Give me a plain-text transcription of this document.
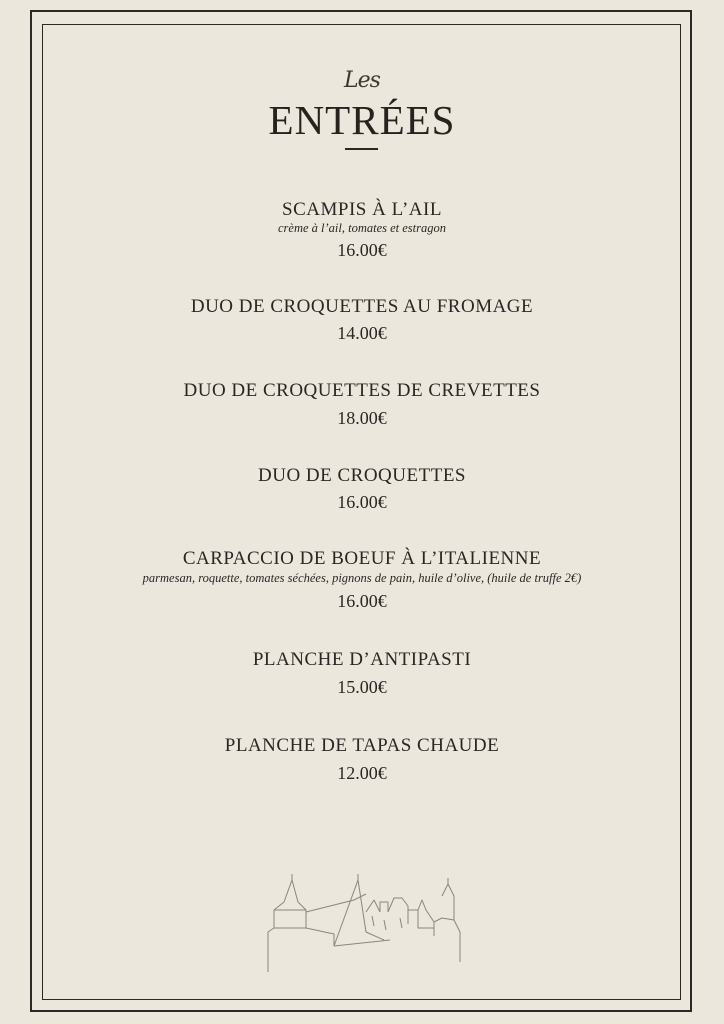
Les
ENTRÉES
SCAMPIS À L’AIL
crème à l’ail, tomates et estragon
16.00€
DUO DE CROQUETTES AU FROMAGE
14.00€
DUO DE CROQUETTES DE CREVETTES
18.00€
DUO DE CROQUETTES
16.00€
CARPACCIO DE BOEUF À L’ITALIENNE
parmesan, roquette, tomates séchées, pignons de pain, huile d’olive, (huile de truffe 2€)
16.00€
PLANCHE D’ANTIPASTI
15.00€
PLANCHE DE TAPAS CHAUDE
12.00€
